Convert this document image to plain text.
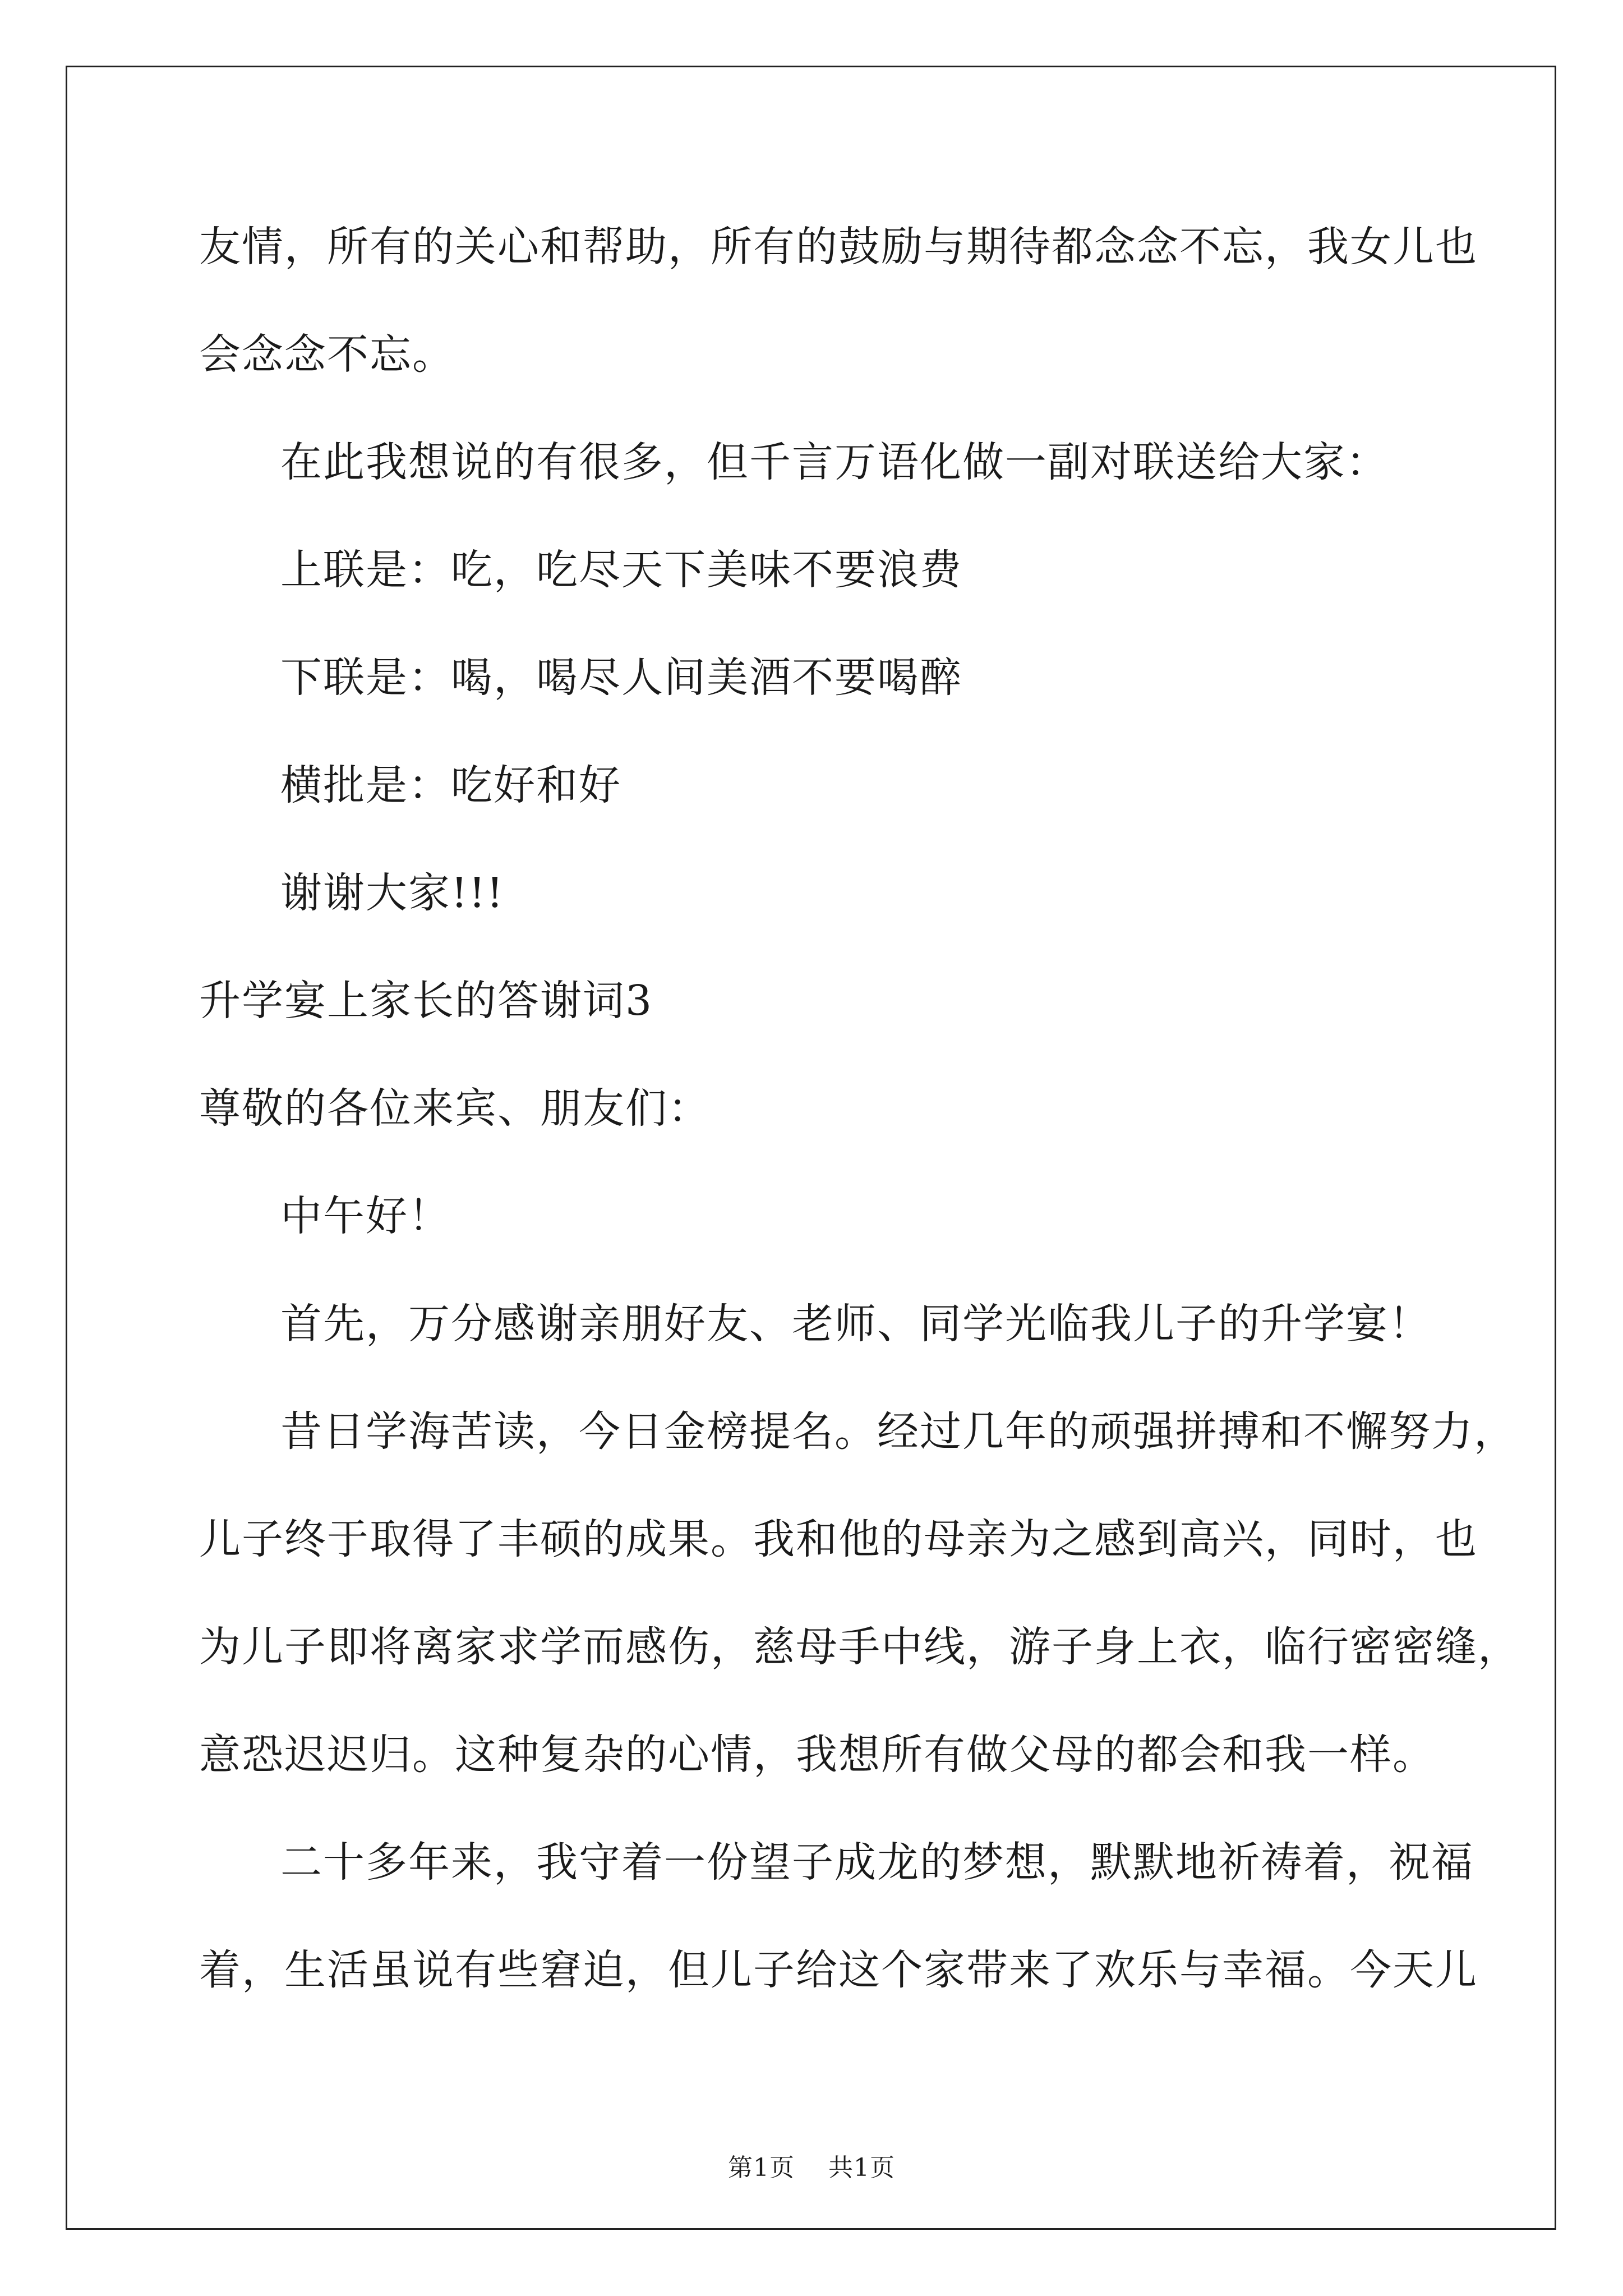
友情，所有的关心和帮助，所有的鼓励与期待都念念不忘，我女儿也
会念念不忘。
在此我想说的有很多，但千言万语化做一副对联送给大家：
上联是：吃，吃尽天下美味不要浪费
下联是：喝，喝尽人间美酒不要喝醉
横批是：吃好和好
谢谢大家!!!
升学宴上家长的答谢词3
尊敬的各位来宾、朋友们：
中午好！
首先，万分感谢亲朋好友、老师、同学光临我儿子的升学宴！
昔日学海苦读，今日金榜提名。经过几年的顽强拼搏和不懈努力，
儿子终于取得了丰硕的成果。我和他的母亲为之感到高兴，同时，也
为儿子即将离家求学而感伤，慈母手中线，游子身上衣，临行密密缝，
意恐迟迟归。这种复杂的心情，我想所有做父母的都会和我一样。
二十多年来，我守着一份望子成龙的梦想，默默地祈祷着，祝福
着，生活虽说有些窘迫，但儿子给这个家带来了欢乐与幸福。今天儿
第1页 共1页
